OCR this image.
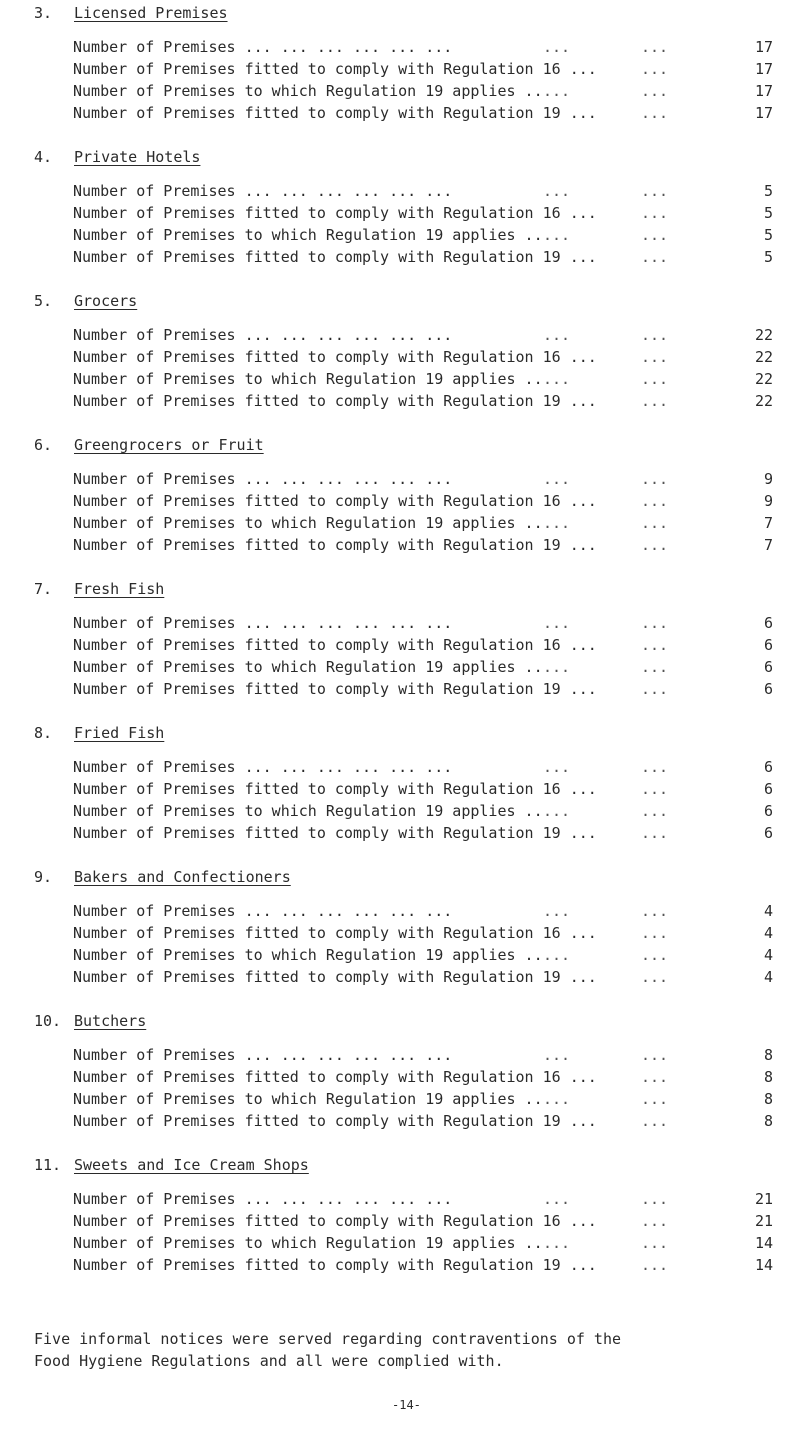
3. Licensed Premises
Number of Premises ... ... ... ... ... ...	...	...	17
Number of Premises fitted to comply with Regulation 16 ...	...	17
Number of Premises to which Regulation 19 applies .. ...	...	17
Number of Premises fitted to comply with Regulation 19 ...	...	17
4. Private Hotels
Number of Premises ... ... ... ... ... ...	...	...	5
Number of Premises fitted to comply with Regulation 16 ...	...	5
Number of Premises to which Regulation 19 applies .. ...	...	5
Number of Premises fitted to comply with Regulation 19 ...	...	5
5. Grocers
Number of Premises ... ... ... ... ... ...	...	...	22
Number of Premises fitted to comply with Regulation 16 ...	...	22
Number of Premises to which Regulation 19 applies .. ...	...	22
Number of Premises fitted to comply with Regulation 19 ...	...	22
6. Greengrocers or Fruit
Number of Premises ... ... ... ... ... ...	...	...	9
Number of Premises fitted to comply with Regulation 16 ...	...	9
Number of Premises to which Regulation 19 applies .. ...	...	7
Number of Premises fitted to comply with Regulation 19 ...	...	7
7. Fresh Fish
Number of Premises ... ... ... ... ... ...	...	...	6
Number of Premises fitted to comply with Regulation 16 ...	...	6
Number of Premises to which Regulation 19 applies .. ...	...	6
Number of Premises fitted to comply with Regulation 19 ...	...	6
8. Fried Fish
Number of Premises ... ... ... ... ... ...	...	...	6
Number of Premises fitted to comply with Regulation 16 ...	...	6
Number of Premises to which Regulation 19 applies .. ...	...	6
Number of Premises fitted to comply with Regulation 19 ...	...	6
9. Bakers and Confectioners
Number of Premises ... ... ... ... ... ...	...	...	4
Number of Premises fitted to comply with Regulation 16 ...	...	4
Number of Premises to which Regulation 19 applies .. ...	...	4
Number of Premises fitted to comply with Regulation 19 ...	...	4
10. Butchers
Number of Premises ... ... ... ... ... ...	...	...	8
Number of Premises fitted to comply with Regulation 16 ...	...	8
Number of Premises to which Regulation 19 applies .. ...	...	8
Number of Premises fitted to comply with Regulation 19 ...	...	8
11. Sweets and Ice Cream Shops
Number of Premises ... ... ... ... ... ...	...	...	21
Number of Premises fitted to comply with Regulation 16 ...	...	21
Number of Premises to which Regulation 19 applies .. ...	...	14
Number of Premises fitted to comply with Regulation 19 ...	...	14
Five informal notices were served regarding contraventions of the
Food Hygiene Regulations and all were complied with.
-14-
